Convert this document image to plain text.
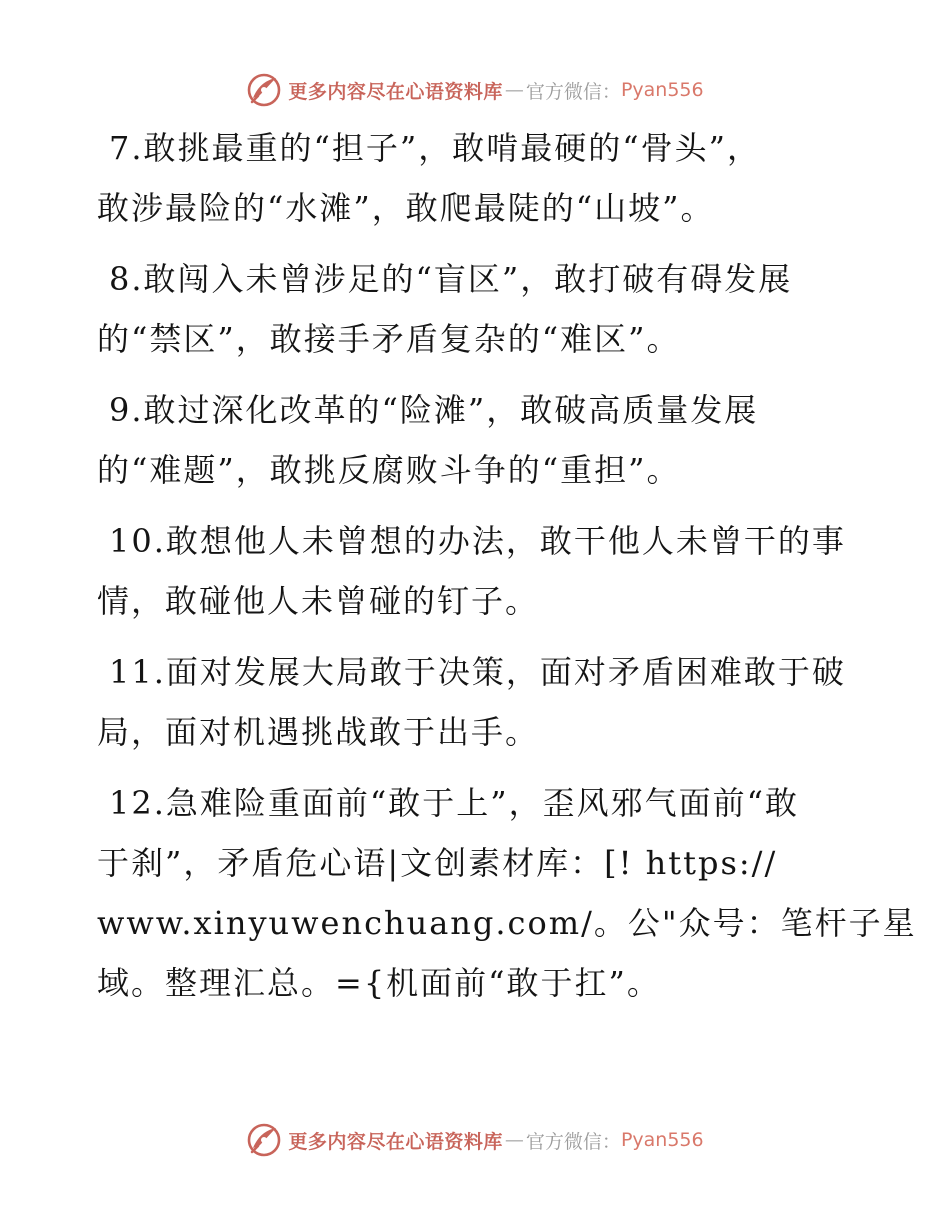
更多内容尽在心语资料库 — 官方微信 ： Pyan556

7.敢挑最重的“担子”，敢啃最硬的“骨头”，

敢涉最险的“水滩”，敢爬最陡的“山坡”。

8.敢闯入未曾涉足的“盲区”，敢打破有碍发展

的“禁区”，敢接手矛盾复杂的“难区”。

9.敢过深化改革的“险滩”，敢破高质量发展

的“难题”，敢挑反腐败斗争的“重担”。

10.敢想他人未曾想的办法，敢干他人未曾干的事

情，敢碰他人未曾碰的钉子。

11.面对发展大局敢于决策，面对矛盾困难敢于破

局，面对机遇挑战敢于出手。

12.急难险重面前“敢于上”，歪风邪气面前“敢

于刹”，矛盾危心语|文创素材库：[! https://

www.xinyuwenchuang.com/。公"众号：笔杆子星

域。整理汇总。={机面前“敢于扛”。

更多内容尽在心语资料库 — 官方微信 ： Pyan556
